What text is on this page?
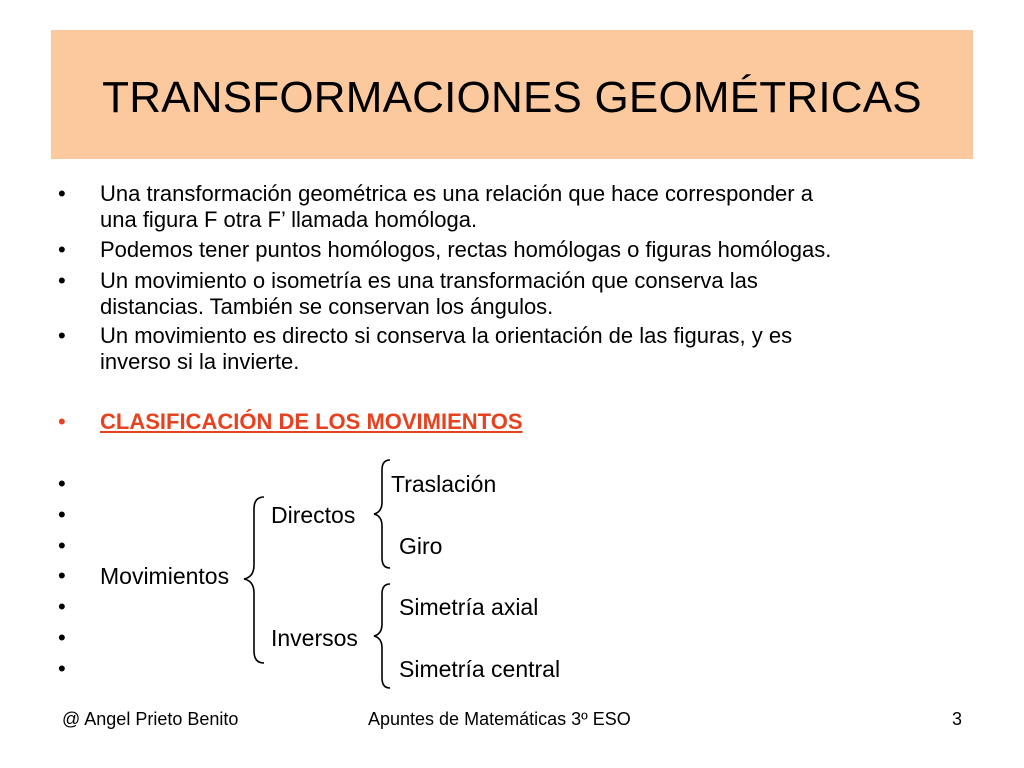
TRANSFORMACIONES GEOMÉTRICAS
• Una transformación geométrica es una relación que hace corresponder a
una figura F otra F’ llamada homóloga.
• Podemos tener puntos homólogos, rectas homólogas o figuras homólogas.
• Un movimiento o isometría es una transformación que conserva las
distancias. También se conservan los ángulos.
• Un movimiento es directo si conserva la orientación de las figuras, y es
inverso si la invierte.
• CLASIFICACIÓN DE LOS MOVIMIENTOS
•
•
•
•
•
•
•
Traslación
Directos
Giro
Movimientos
Simetría axial
Inversos
Simetría central
@ Angel Prieto Benito	Apuntes de Matemáticas 3º ESO	3
